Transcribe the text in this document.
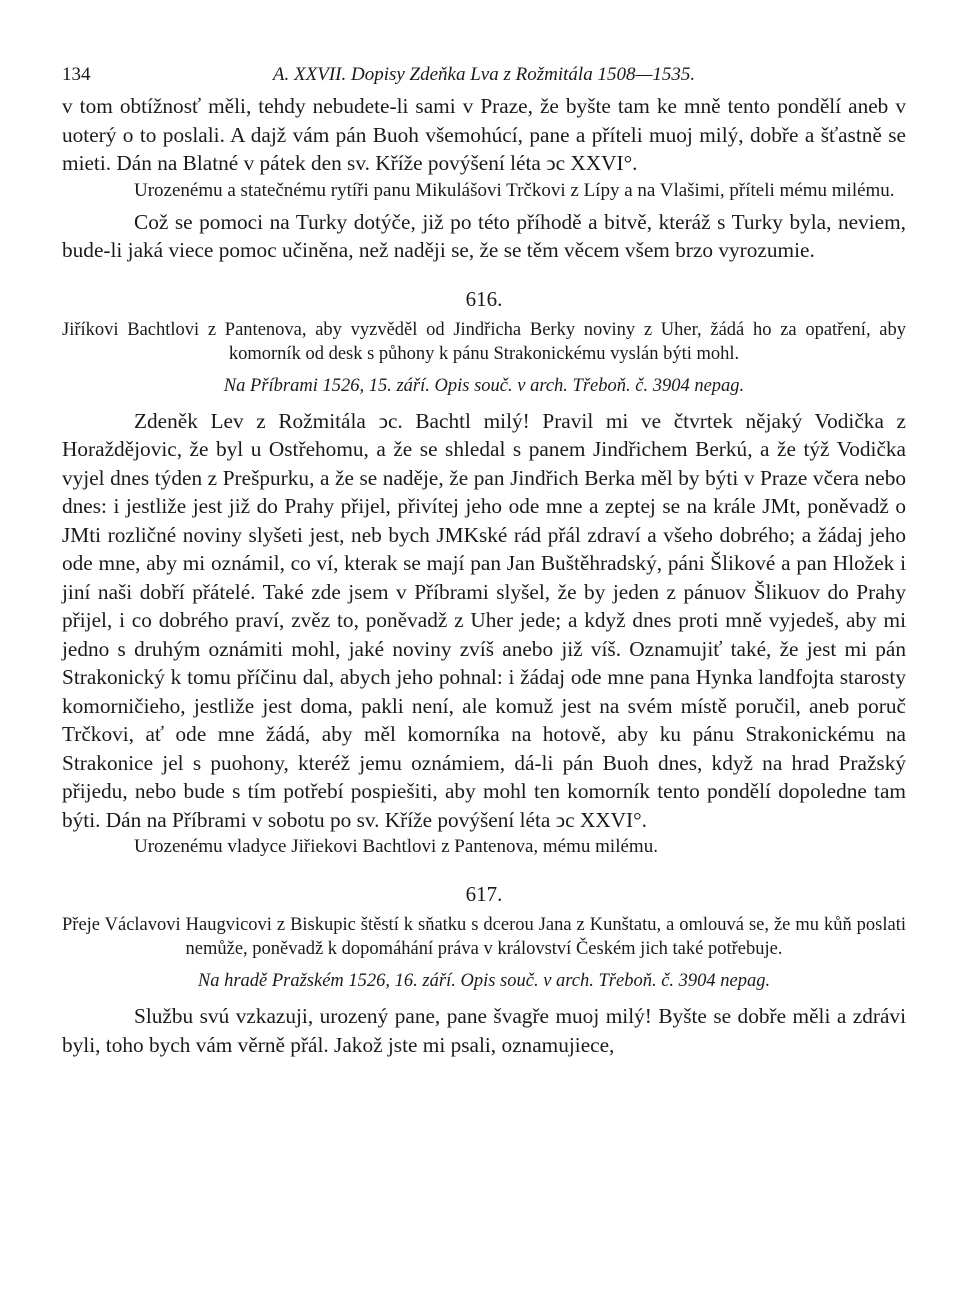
134	A. XXVII. Dopisy Zdeňka Lva z Rožmitála 1508—1535.

v tom obtížnosť měli, tehdy nebudete-li sami v Praze, že byšte tam ke mně tento pondělí aneb v uoterý o to poslali. A dajž vám pán Buoh všemohúcí, pane a příteli muoj milý, dobře a šťastně se mieti. Dán na Blatné v pátek den sv. Kříže povýšení léta ↄc XXVI°.

Urozenému a statečnému rytíři panu Mikulášovi Trčkovi z Lípy a na Vlašimi, příteli mému milému.

Což se pomoci na Turky dotýče, již po této příhodě a bitvě, kteráž s Turky byla, neviem, bude-li jaká viece pomoc učiněna, než naději se, že se těm věcem všem brzo vyrozumie.

616.

Jiříkovi Bachtlovi z Pantenova, aby vyzvěděl od Jindřicha Berky noviny z Uher, žádá ho za opatření, aby komorník od desk s půhony k pánu Strakonickému vyslán býti mohl.

Na Příbrami 1526, 15. září. Opis souč. v arch. Třeboň. č. 3904 nepag.

Zdeněk Lev z Rožmitála ↄc. Bachtl milý! Pravil mi ve čtvrtek nějaký Vodička z Horaždějovic, že byl u Ostřehomu, a že se shledal s panem Jindřichem Berkú, a že týž Vodička vyjel dnes týden z Prešpurku, a že se naděje, že pan Jindřich Berka měl by býti v Praze včera nebo dnes: i jestliže jest již do Prahy přijel, přivítej jeho ode mne a zeptej se na krále JMt, poněvadž o JMti rozličné noviny slyšeti jest, neb bych JMKské rád přál zdraví a všeho dobrého; a žádaj jeho ode mne, aby mi oznámil, co ví, kterak se mají pan Jan Buštěhradský, páni Šlikové a pan Hložek i jiní naši dobří přátelé. Také zde jsem v Příbrami slyšel, že by jeden z pánuov Šlikuov do Prahy přijel, i co dobrého praví, zvěz to, poněvadž z Uher jede; a když dnes proti mně vyjedeš, aby mi jedno s druhým oznámiti mohl, jaké noviny zvíš anebo již víš. Oznamujiť také, že jest mi pán Strakonický k tomu příčinu dal, abych jeho pohnal: i žádaj ode mne pana Hynka landfojta starosty komorničieho, jestliže jest doma, pakli není, ale komuž jest na svém místě poručil, aneb poruč Trčkovi, ať ode mne žádá, aby měl komorníka na hotově, aby ku pánu Strakonickému na Strakonice jel s puohony, kteréž jemu oznámiem, dá-li pán Buoh dnes, když na hrad Pražský přijedu, nebo bude s tím potřebí pospiešiti, aby mohl ten komorník tento pondělí dopoledne tam býti. Dán na Příbrami v sobotu po sv. Kříže povýšení léta ↄc XXVI°.

Urozenému vladyce Jiřiekovi Bachtlovi z Pantenova, mému milému.

617.

Přeje Václavovi Haugvicovi z Biskupic štěstí k sňatku s dcerou Jana z Kunštatu, a omlouvá se, že mu kůň poslati nemůže, poněvadž k dopomáhání práva v království Českém jich také potřebuje.

Na hradě Pražském 1526, 16. září. Opis souč. v arch. Třeboň. č. 3904 nepag.

Službu svú vzkazuji, urozený pane, pane švagře muoj milý! Byšte se dobře měli a zdrávi byli, toho bych vám věrně přál. Jakož jste mi psali, oznamujiece,
